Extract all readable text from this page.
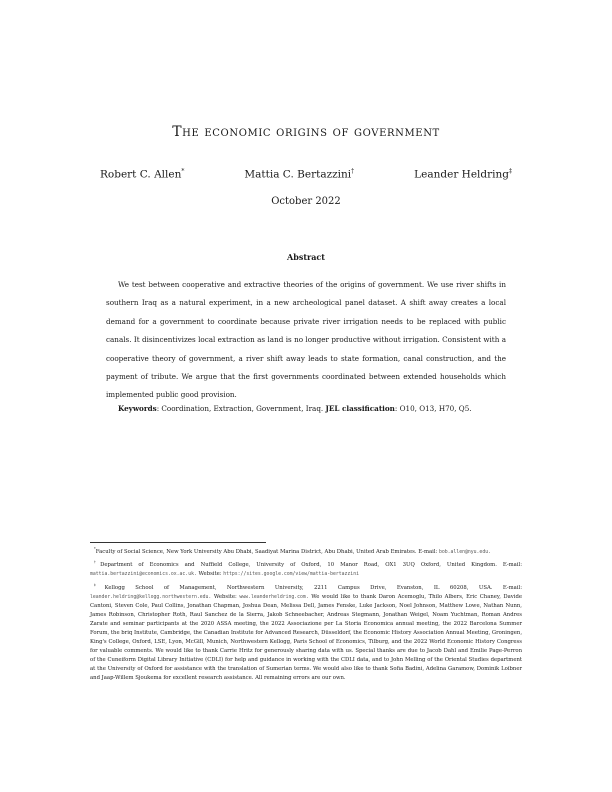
The economic origins of government
Robert C. Allen*	Mattia C. Bertazzini†	Leander Heldring‡
October 2022
Abstract
We test between cooperative and extractive theories of the origins of government. We use river shifts in southern Iraq as a natural experiment, in a new archeological panel dataset. A shift away creates a local demand for a government to coordinate because private river irrigation needs to be replaced with public canals. It disincentivizes local extraction as land is no longer productive without irrigation. Consistent with a cooperative theory of government, a river shift away leads to state formation, canal construction, and the payment of tribute. We argue that the first governments coordinated between extended households which implemented public good provision.
Keywords: Coordination, Extraction, Government, Iraq. JEL classification: O10, O13, H70, Q5.

*Faculty of Social Science, New York University Abu Dhabi, Saadiyat Marina District, Abu Dhabi, United Arab Emirates. E-mail: bob.allen@nyu.edu.

†Department of Economics and Nuffield College, University of Oxford, 10 Manor Road, OX1 3UQ Oxford, United Kingdom. E-mail: mattia.bertazzini@economics.ox.ac.uk. Website: https://sites.google.com/view/mattia-bertazzini

‡Kellogg School of Management, Northwestern University, 2211 Campus Drive, Evanston, IL 60208, USA. E-mail: leander.heldring@kellogg.northwestern.edu. Website: www.leanderheldring.com. We would like to thank Daron Acemoglu, Thilo Albers, Eric Chaney, Davide Cantoni, Steven Cole, Paul Collins, Jonathan Chapman, Joshua Dean, Melissa Dell, James Fenske, Luke Jackson, Noel Johnson, Matthew Lowe, Nathan Nunn, James Robinson, Christopher Roth, Raul Sanchez de la Sierra, Jakob Schneebacher, Andreas Stegmann, Jonathan Weigel, Noam Yuchtman, Roman Andres Zarate and seminar participants at the 2020 ASSA meeting, the 2022 Associazione per La Storia Economica annual meeting, the 2022 Barcelona Summer Forum, the briq Institute, Cambridge, the Canadian Institute for Advanced Research, Düsseldorf, the Economic History Association Annual Meeting, Groningen, King's College, Oxford, LSE, Lyon, McGill, Munich, Northwestern Kellogg, Paris School of Economics, Tilburg, and the 2022 World Economic History Congress for valuable comments. We would like to thank Carrie Hritz for generously sharing data with us. Special thanks are due to Jacob Dahl and Emilie Page-Perron of the Cuneiform Digital Library Initiative (CDLI) for help and guidance in working with the CDLI data, and to John Melling of the Oriental Studies department at the University of Oxford for assistance with the translation of Sumerian terms. We would also like to thank Sofia Badini, Adelina Garamow, Dominik Loibner and Jaap-Willem Sjoukema for excellent research assistance. All remaining errors are our own.
